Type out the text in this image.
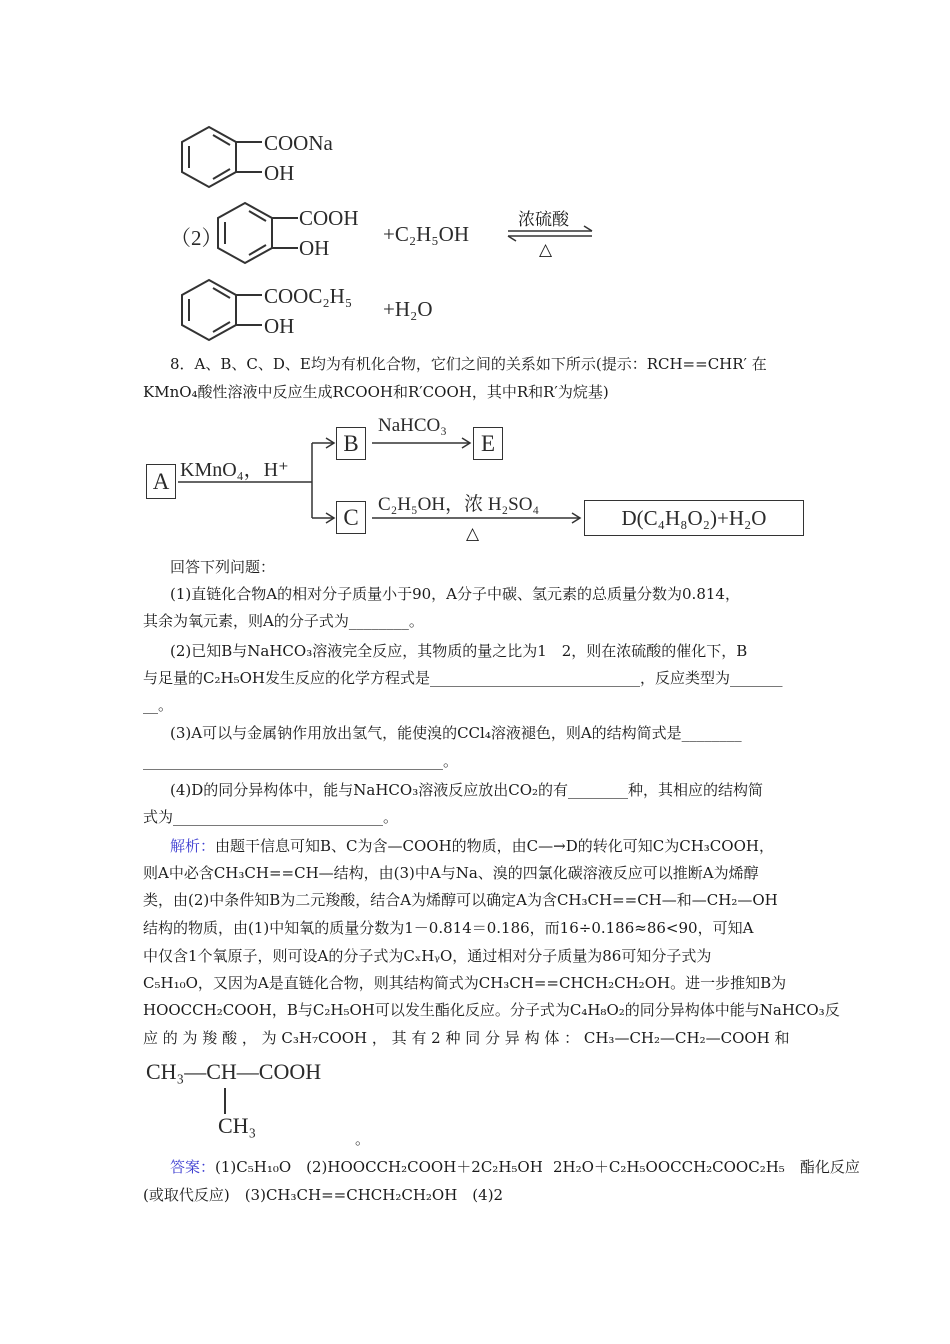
COONa
OH
（2）
COOH
OH
+C₂H₅OH
浓硫酸
△
COOC₂H₅
OH
+H₂O
8．A、B、C、D、E均为有机化合物，它们之间的关系如下所示(提示：RCH==CHR′ 在
KMnO₄酸性溶液中反应生成RCOOH和R′COOH，其中R和R′为烷基)
A KMnO₄，H⁺
B
NaHCO₃
E
C	C₂H₅OH，浓 H₂SO₄
△
D(C₄H₈O₂)+H₂O
回答下列问题：
(1)直链化合物A的相对分子质量小于90，A分子中碳、氢元素的总质量分数为0.814，
其余为氧元素，则A的分子式为________。
(2)已知B与NaHCO₃溶液完全反应，其物质的量之比为1　2，则在浓硫酸的催化下，B
与足量的C₂H₅OH发生反应的化学方程式是____________________________，反应类型为_______
__。
(3)A可以与金属钠作用放出氢气，能使溴的CCl₄溶液褪色，则A的结构简式是________
________________________________________。
(4)D的同分异构体中，能与NaHCO₃溶液反应放出CO₂的有________种，其相应的结构简
式为____________________________。
解析：由题干信息可知B、C为含—COOH的物质，由C—→D的转化可知C为CH₃COOH，
则A中必含CH₃CH==CH—结构，由(3)中A与Na、溴的四氯化碳溶液反应可以推断A为烯醇
类，由(2)中条件知B为二元羧酸，结合A为烯醇可以确定A为含CH₃CH==CH—和—CH₂—OH
结构的物质，由(1)中知氧的质量分数为1－0.814＝0.186，而16÷0.186≈86<90，可知A
中仅含1个氧原子，则可设A的分子式为CₓHᵧO，通过相对分子质量为86可知分子式为
C₅H₁₀O，又因为A是直链化合物，则其结构简式为CH₃CH==CHCH₂CH₂OH。进一步推知B为
HOOCCH₂COOH，B与C₂H₅OH可以发生酯化反应。分子式为C₄H₈O₂的同分异构体中能与NaHCO₃反
应 的 为 羧 酸 ， 为 C₃H₇COOH ， 其 有 2 种 同 分 异 构 体 ： CH₃—CH₂—CH₂—COOH 和
CH₃—CH—COOH
CH₃
。
答案：(1)C₅H₁₀O　(2)HOOCCH₂COOH＋2C₂H₅OH 2H₂O＋C₂H₅OOCCH₂COOC₂H₅　酯化反应
(或取代反应)　(3)CH₃CH==CHCH₂CH₂OH　(4)2
